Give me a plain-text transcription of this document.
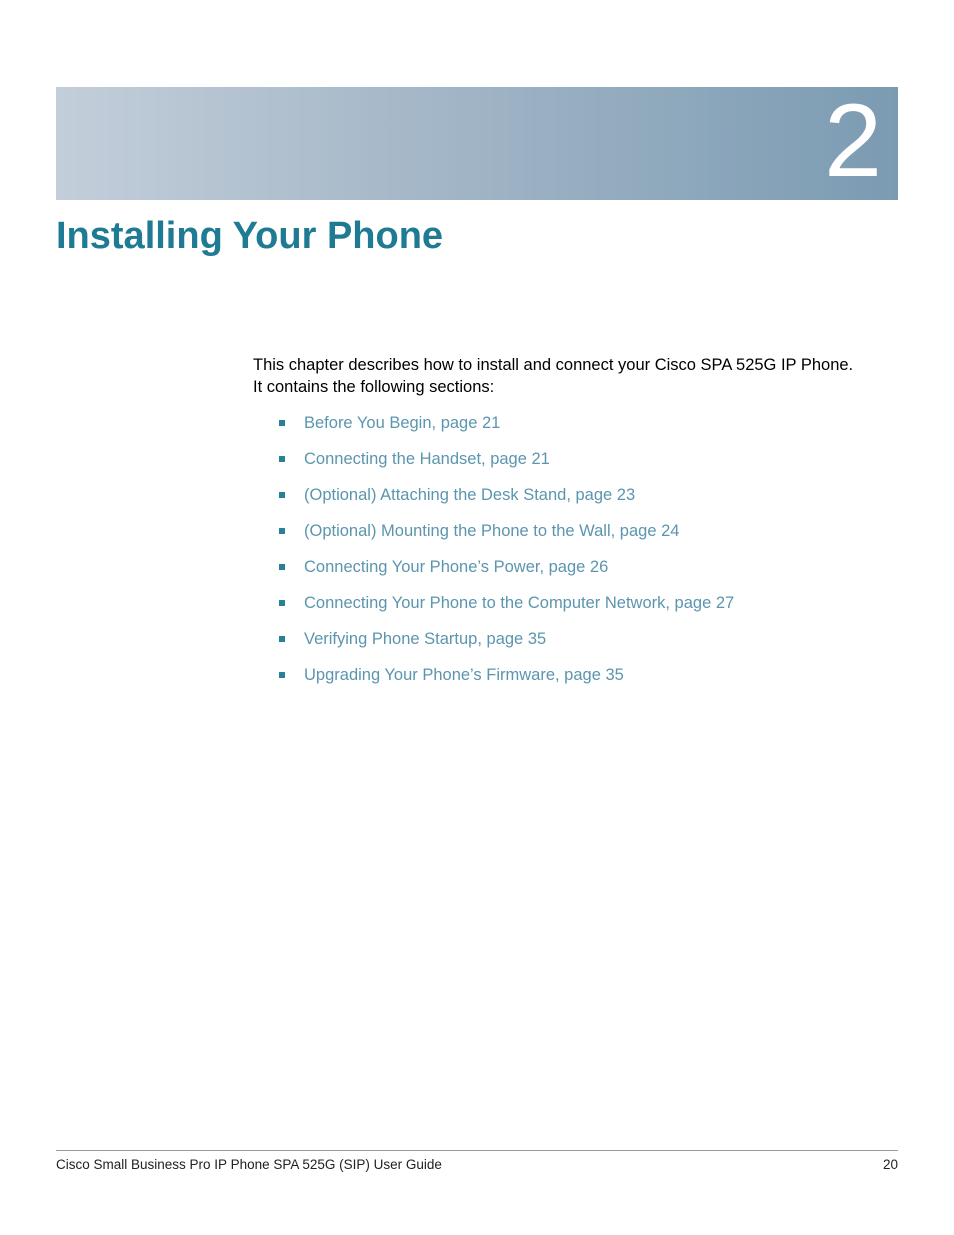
2
Installing Your Phone

This chapter describes how to install and connect your Cisco SPA 525G IP Phone.
It contains the following sections:

Before You Begin, page 21
Connecting the Handset, page 21
(Optional) Attaching the Desk Stand, page 23
(Optional) Mounting the Phone to the Wall, page 24
Connecting Your Phone’s Power, page 26
Connecting Your Phone to the Computer Network, page 27
Verifying Phone Startup, page 35
Upgrading Your Phone’s Firmware, page 35
Cisco Small Business Pro IP Phone SPA 525G (SIP) User Guide	20
